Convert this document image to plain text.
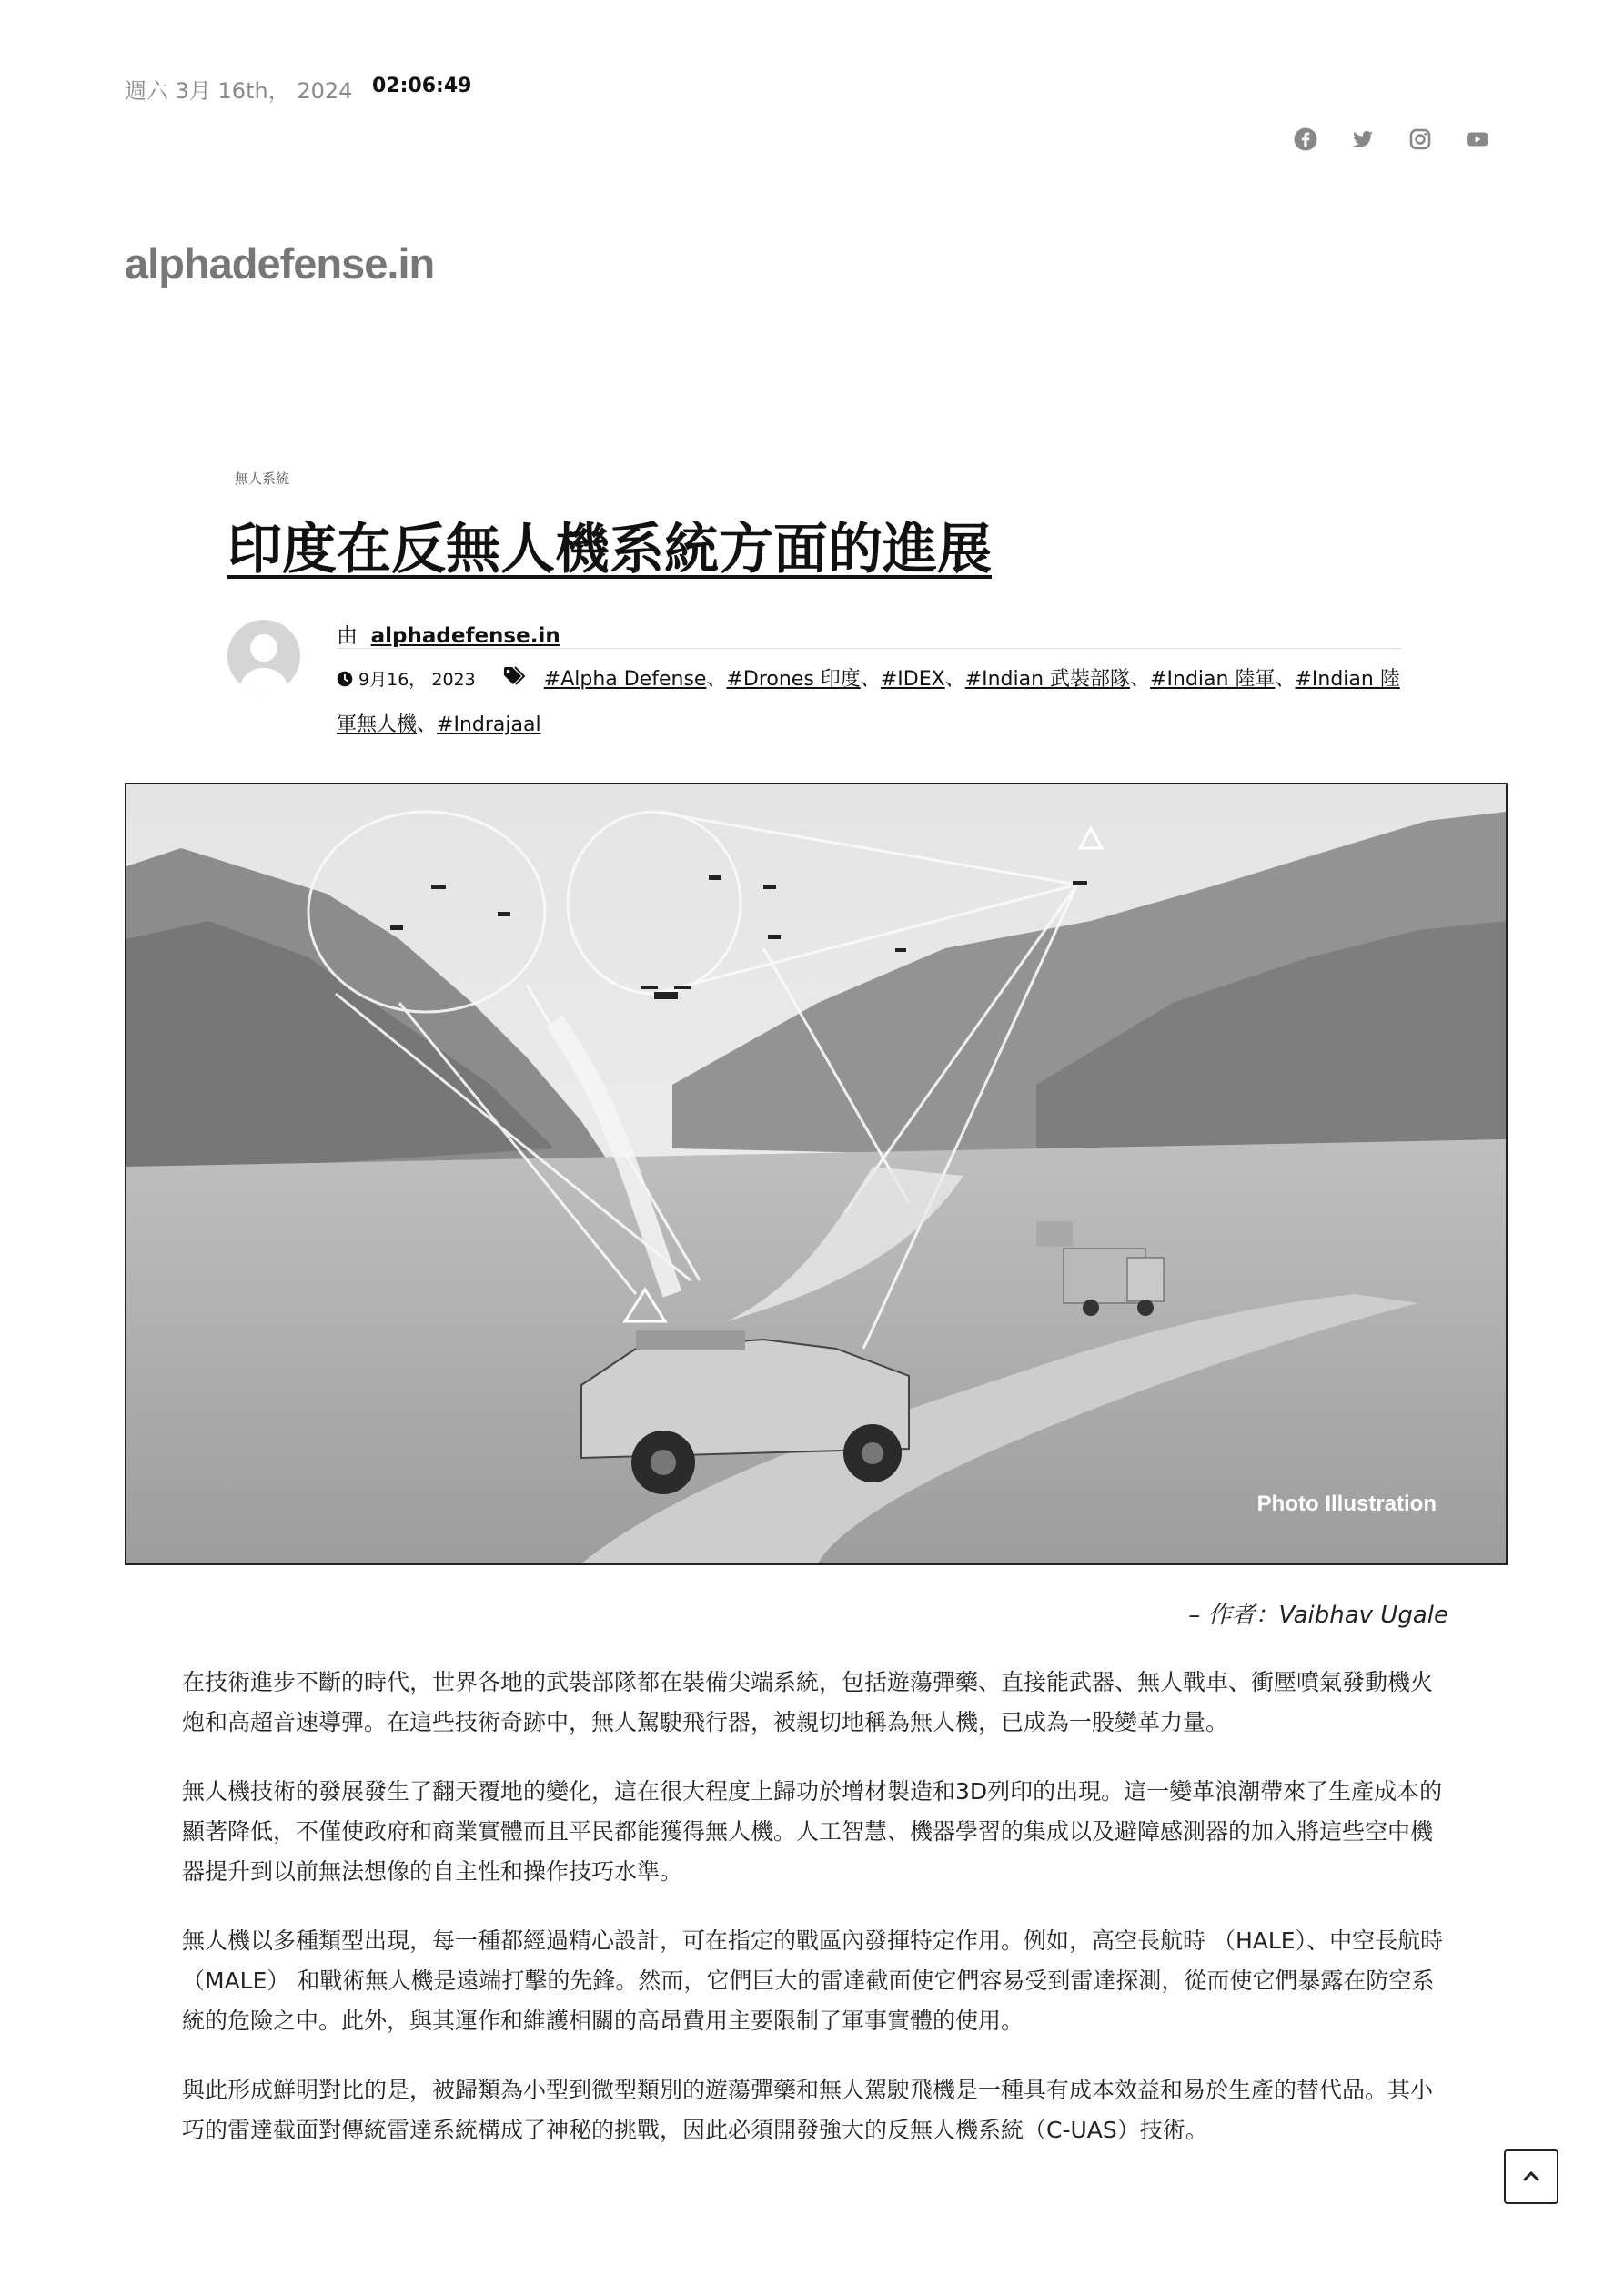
週六 3月 16th， 2024 02:06:49
alphadefense.in
無人系統
印度在反無人機系統方面的進展
由 alphadefense.in
9月16， 2023	#Alpha Defense、#Drones 印度、#IDEX、#Indian 武裝部隊、#Indian 陸軍、#Indian 陸軍無人機、#Indrajaal
Photo Illustration
– 作者：Vaibhav Ugale

在技術進步不斷的時代，世界各地的武裝部隊都在裝備尖端系統，包括遊蕩彈藥、直接能武器、無人戰車、衝壓噴氣發動機火炮和高超音速導彈。在這些技術奇跡中，無人駕駛飛行器，被親切地稱為無人機，已成為一股變革力量。

無人機技術的發展發生了翻天覆地的變化，這在很大程度上歸功於增材製造和3D列印的出現。這一變革浪潮帶來了生產成本的顯著降低，不僅使政府和商業實體而且平民都能獲得無人機。人工智慧、機器學習的集成以及避障感測器的加入將這些空中機器提升到以前無法想像的自主性和操作技巧水準。

無人機以多種類型出現，每一種都經過精心設計，可在指定的戰區內發揮特定作用。例如，高空長航時 （HALE）、中空長航時 （MALE） 和戰術無人機是遠端打擊的先鋒。然而，它們巨大的雷達截面使它們容易受到雷達探測，從而使它們暴露在防空系統的危險之中。此外，與其運作和維護相關的高昂費用主要限制了軍事實體的使用。

與此形成鮮明對比的是，被歸類為小型到微型類別的遊蕩彈藥和無人駕駛飛機是一種具有成本效益和易於生產的替代品。其小巧的雷達截面對傳統雷達系統構成了神秘的挑戰，因此必須開發強大的反無人機系統（C-UAS）技術。
